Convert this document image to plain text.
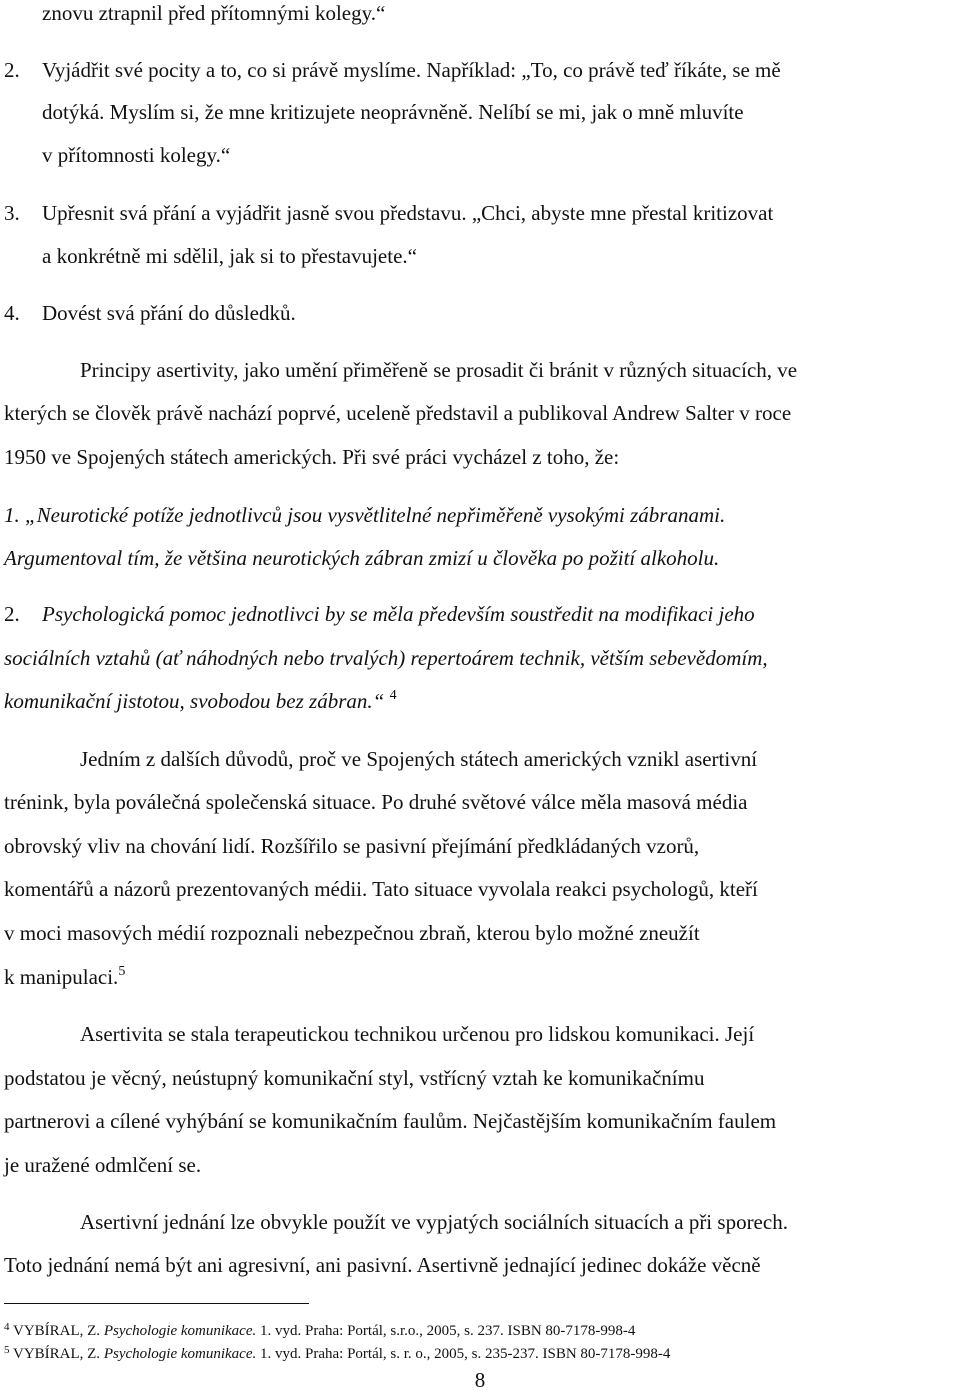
znovu ztrapnil před přítomnými kolegy.“
2. Vyjádřit své pocity a to, co si právě myslíme. Například: „To, co právě teď říkáte, se mě
dotýká. Myslím si, že mne kritizujete neoprávněně. Nelíbí se mi, jak o mně mluvíte
v přítomnosti kolegy.“
3. Upřesnit svá přání a vyjádřit jasně svou představu. „Chci, abyste mne přestal kritizovat
a konkrétně mi sdělil, jak si to přestavujete.“
4. Dovést svá přání do důsledků.
Principy asertivity, jako umění přiměřeně se prosadit či bránit v různých situacích, ve
kterých se člověk právě nachází poprvé, uceleně představil a publikoval Andrew Salter v roce
1950 ve Spojených státech amerických. Při své práci vycházel z toho, že:
1. „Neurotické potíže jednotlivců jsou vysvětlitelné nepřiměřeně vysokými zábranami.
Argumentoval tím, že většina neurotických zábran zmizí u člověka po požití alkoholu.
2. Psychologická pomoc jednotlivci by se měla především soustředit na modifikaci jeho
sociálních vztahů (ať náhodných nebo trvalých) repertoárem technik, větším sebevědomím,
komunikační jistotou, svobodou bez zábran.“ $^4$
Jedním z dalších důvodů, proč ve Spojených státech amerických vznikl asertivní
trénink, byla poválečná společenská situace. Po druhé světové válce měla masová média
obrovský vliv na chování lidí. Rozšířilo se pasivní přejímání předkládaných vzorů,
komentářů a názorů prezentovaných médii. Tato situace vyvolala reakci psychologů, kteří
v moci masových médií rozpoznali nebezpečnou zbraň, kterou bylo možné zneužít
k manipulaci.$^5$
Asertivita se stala terapeutickou technikou určenou pro lidskou komunikaci. Její
podstatou je věcný, neústupný komunikační styl, vstřícný vztah ke komunikačnímu
partnerovi a cílené vyhýbání se komunikačním faulům. Nejčastějším komunikačním faulem
je uražené odmlčení se.
Asertivní jednání lze obvykle použít ve vypjatých sociálních situacích a při sporech.
Toto jednání nemá být ani agresivní, ani pasivní. Asertivně jednající jedinec dokáže věcně
$^4$ VYBÍRAL, Z. Psychologie komunikace. 1. vyd. Praha: Portál, s.r.o., 2005, s. 237. ISBN 80-7178-998-4
$^5$ VYBÍRAL, Z. Psychologie komunikace. 1. vyd. Praha: Portál, s. r. o., 2005, s. 235-237. ISBN 80-7178-998-4
8
